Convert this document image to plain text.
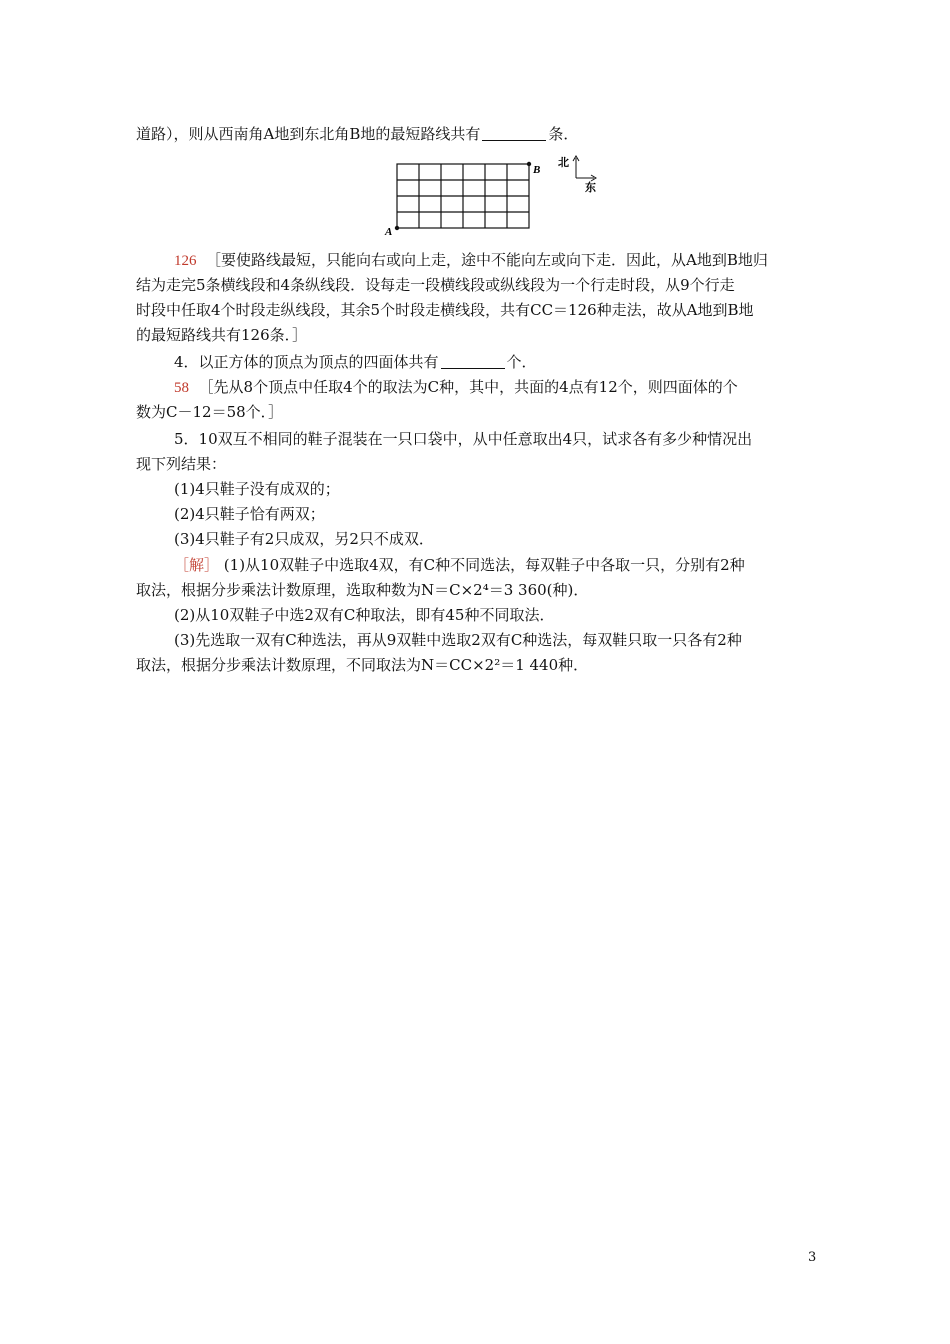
道路），则从西南角A地到东北角B地的最短路线共有	条．
A
B
北
东
126 ［要使路线最短，只能向右或向上走，途中不能向左或向下走．因此，从A地到B地归
结为走完5条横线段和4条纵线段．设每走一段横线段或纵线段为一个行走时段，从9个行走
时段中任取4个时段走纵线段，其余5个时段走横线段，共有CC＝126种走法，故从A地到B地
的最短路线共有126条．］
4．以正方体的顶点为顶点的四面体共有	个．
58 ［先从8个顶点中任取4个的取法为C种，其中，共面的4点有12个，则四面体的个
数为C－12＝58个．］
5．10双互不相同的鞋子混装在一只口袋中，从中任意取出4只，试求各有多少种情况出
现下列结果：
(1)4只鞋子没有成双的；
(2)4只鞋子恰有两双；
(3)4只鞋子有2只成双，另2只不成双．
［解］ (1)从10双鞋子中选取4双，有C种不同选法，每双鞋子中各取一只，分别有2种
取法，根据分步乘法计数原理，选取种数为N＝C×2⁴＝3 360(种)．
(2)从10双鞋子中选2双有C种取法，即有45种不同取法．
(3)先选取一双有C种选法，再从9双鞋中选取2双有C种选法，每双鞋只取一只各有2种
取法，根据分步乘法计数原理，不同取法为N＝CC×2²＝1 440种．
3
